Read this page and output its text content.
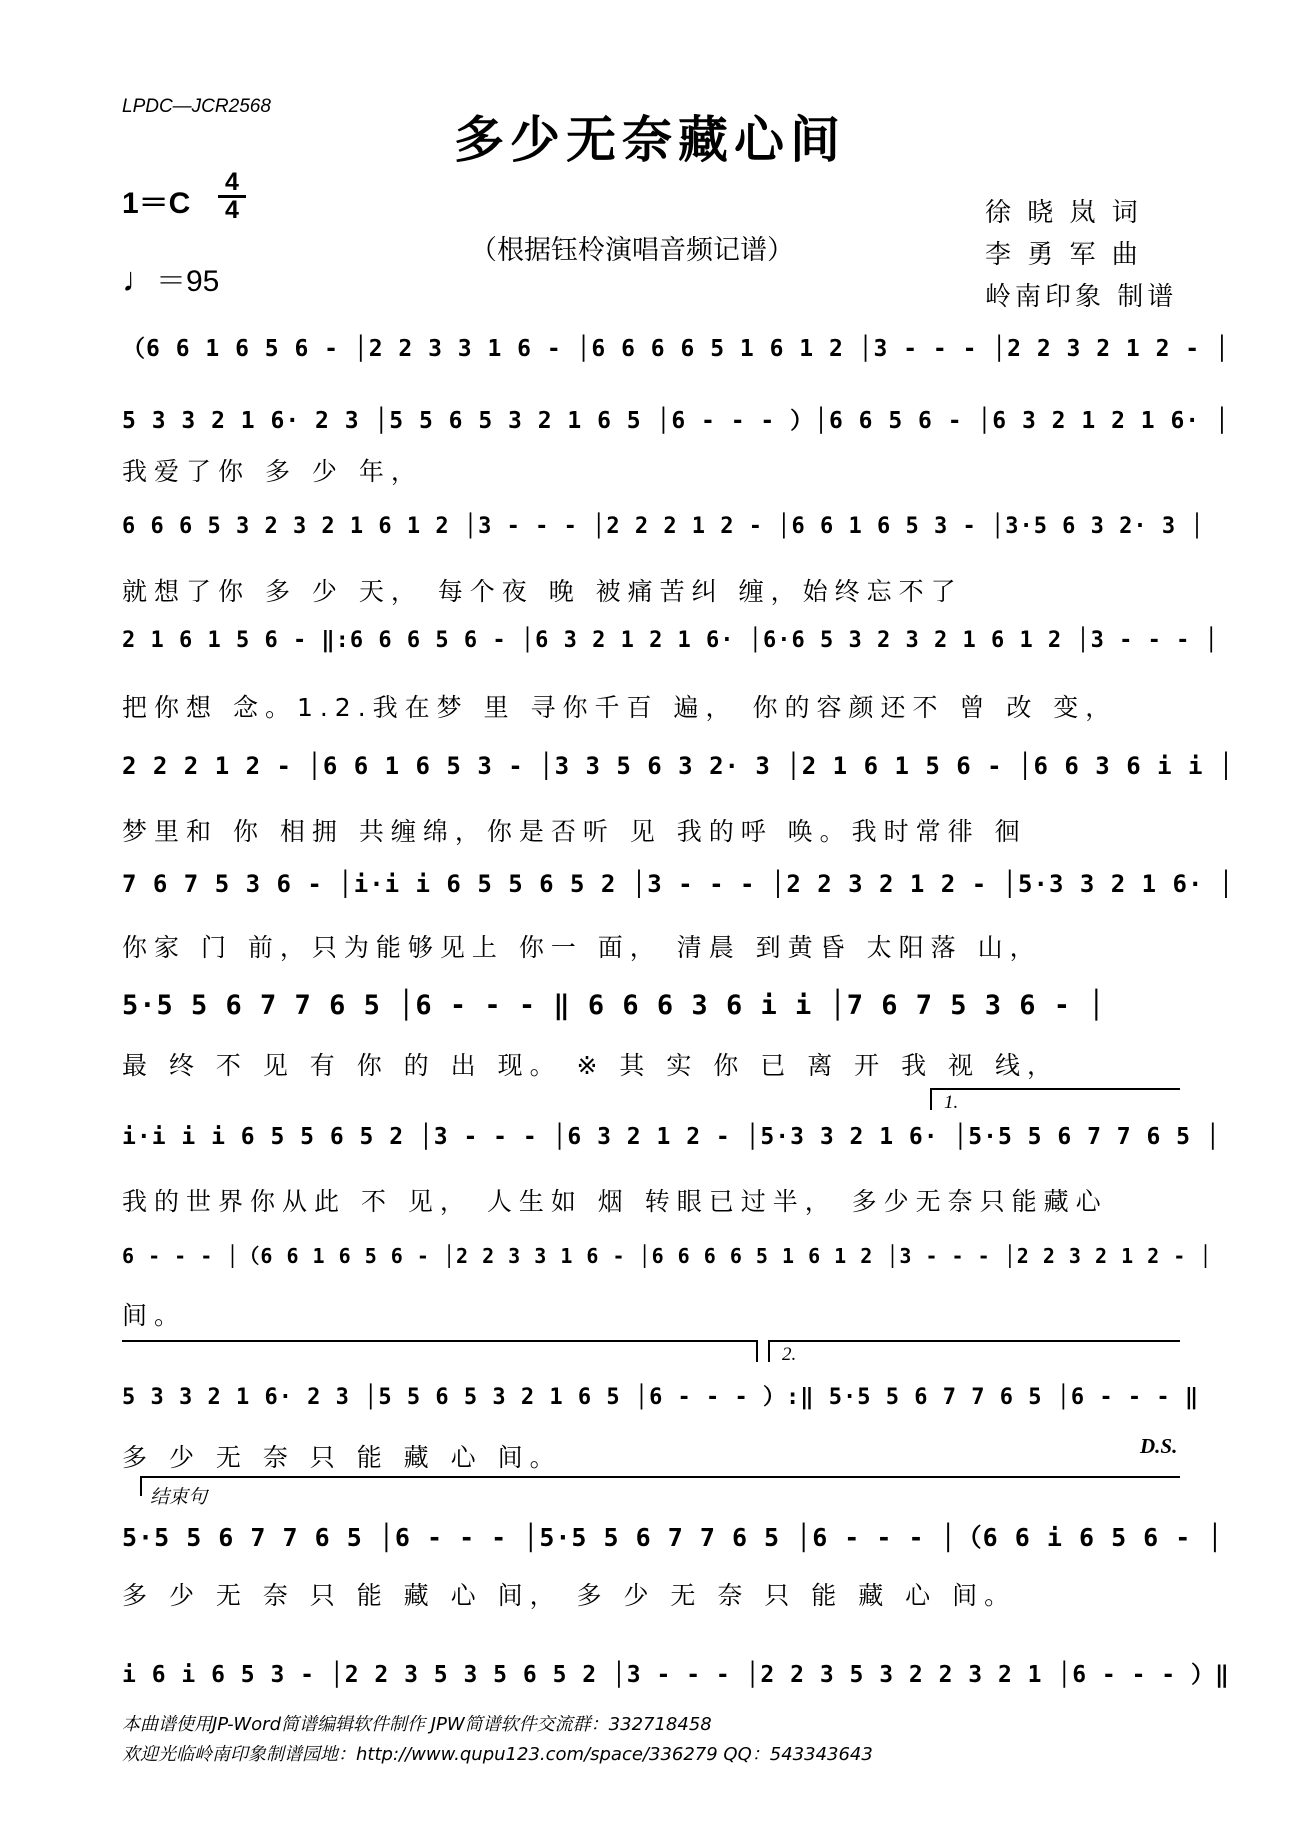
LPDC—JCR2568
多少无奈藏心间
1＝C
4
4
♩＝95
（根据钰柃演唱音频记谱）
徐 晓 岚 词
李 勇 军 曲
岭南印象 制谱
（6 6 1 6 5 6 - │2 2 3 3 1 6 - │6 6 6 6 5 1 6 1 2 │3 - - - │2 2 3 2 1 2 - │
5 3 3 2 1 6· 2 3 │5 5 6 5 3 2 1 6 5 │6 - - - ）│6 6 5 6 - │6 3 2 1 2 1 6· │
我爱了你 多 少 年，
6 6 6 5 3 2 3 2 1 6 1 2 │3 - - - │2 2 2 1 2 - │6 6 1 6 5 3 - │3·5 6 3 2· 3 │
就想了你 多 少 天， 每个夜 晚 被痛苦纠 缠，始终忘不了
2 1 6 1 5 6 - ‖:6 6 6 5 6 - │6 3 2 1 2 1 6· │6·6 5 3 2 3 2 1 6 1 2 │3 - - - │
把你想 念。1.2.我在梦 里 寻你千百 遍， 你的容颜还不 曾 改 变，
2 2 2 1 2 - │6 6 1 6 5 3 - │3 3 5 6 3 2· 3 │2 1 6 1 5 6 - │6 6 3 6 i i │
梦里和 你 相拥 共缠绵，你是否听 见 我的呼 唤。我时常徘 徊
7 6 7 5 3 6 - │i·i i 6 5 5 6 5 2 │3 - - - │2 2 3 2 1 2 - │5·3 3 2 1 6· │
你家 门 前，只为能够见上 你一 面， 清晨 到黄昏 太阳落 山，
5·5 5 6 7 7 6 5 │6 - - - ‖ 6 6 6 3 6 i i │7 6 7 5 3 6 - │
最 终 不 见 有 你 的 出 现。 ※ 其 实 你 已 离 开 我 视 线，
1.
i·i i i 6 5 5 6 5 2 │3 - - - │6 3 2 1 2 - │5·3 3 2 1 6· │5·5 5 6 7 7 6 5 │
我的世界你从此 不 见， 人生如 烟 转眼已过半， 多少无奈只能藏心
6 - - - │（6 6 1 6 5 6 - │2 2 3 3 1 6 - │6 6 6 6 5 1 6 1 2 │3 - - - │2 2 3 2 1 2 - │
间。
2.
5 3 3 2 1 6· 2 3 │5 5 6 5 3 2 1 6 5 │6 - - - ）:‖ 5·5 5 6 7 7 6 5 │6 - - - ‖
多 少 无 奈 只 能 藏 心 间。	D.S.
结束句
5·5 5 6 7 7 6 5 │6 - - - │5·5 5 6 7 7 6 5 │6 - - - │（6 6 i 6 5 6 - │
多 少 无 奈 只 能 藏 心 间， 多 少 无 奈 只 能 藏 心 间。
i 6 i 6 5 3 - │2 2 3 5 3 5 6 5 2 │3 - - - │2 2 3 5 3 2 2 3 2 1 │6 - - - ）‖
本曲谱使用JP-Word简谱编辑软件制作 JPW简谱软件交流群：332718458
欢迎光临岭南印象制谱园地：http://www.qupu123.com/space/336279 QQ：543343643
